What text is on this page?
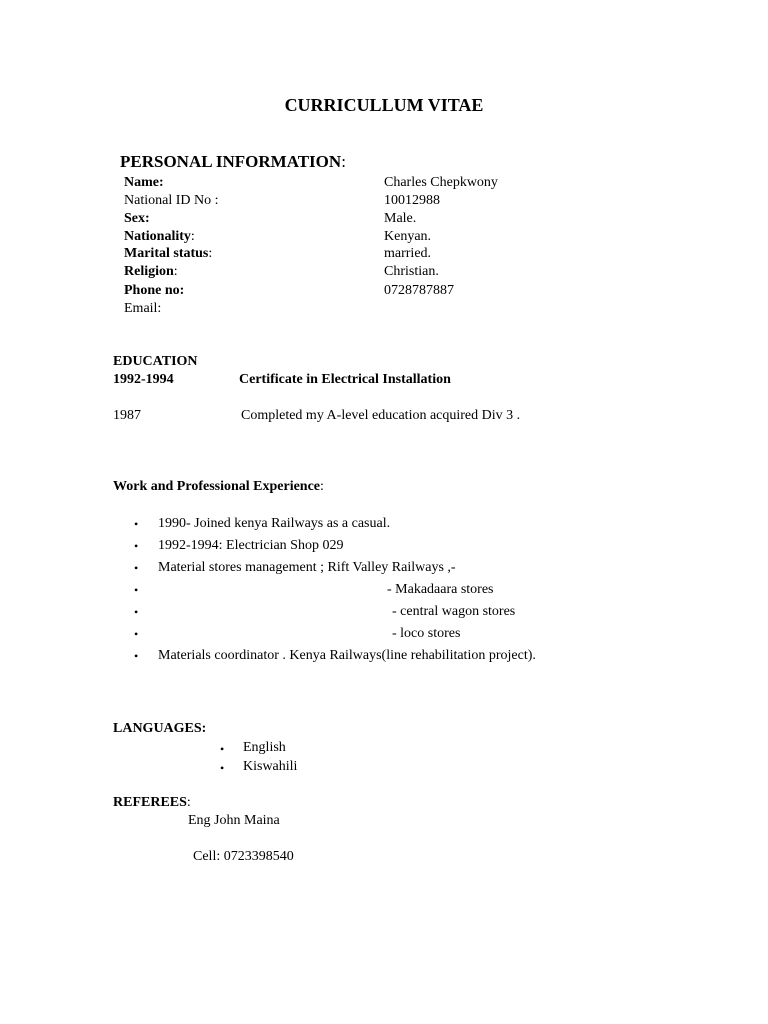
CURRICULLUM VITAE
PERSONAL INFORMATION:
Name:	Charles Chepkwony
National ID No :	10012988
Sex:	Male.
Nationality:	Kenyan.
Marital status:	married.
Religion:	Christian.
Phone no:	0728787887
Email:
EDUCATION
1992-1994	Certificate in Electrical Installation
1987	Completed my A-level education acquired Div 3 .
Work and Professional Experience:
• 1990- Joined kenya Railways as a casual.
• 1992-1994: Electrician Shop 029
• Material stores management ; Rift Valley Railways ,-
•	- Makadaara stores
•	- central wagon stores
•	- loco stores
• Materials coordinator . Kenya Railways(line rehabilitation project).
LANGUAGES:
• English
• Kiswahili
REFEREES:
Eng John Maina
Cell: 0723398540
